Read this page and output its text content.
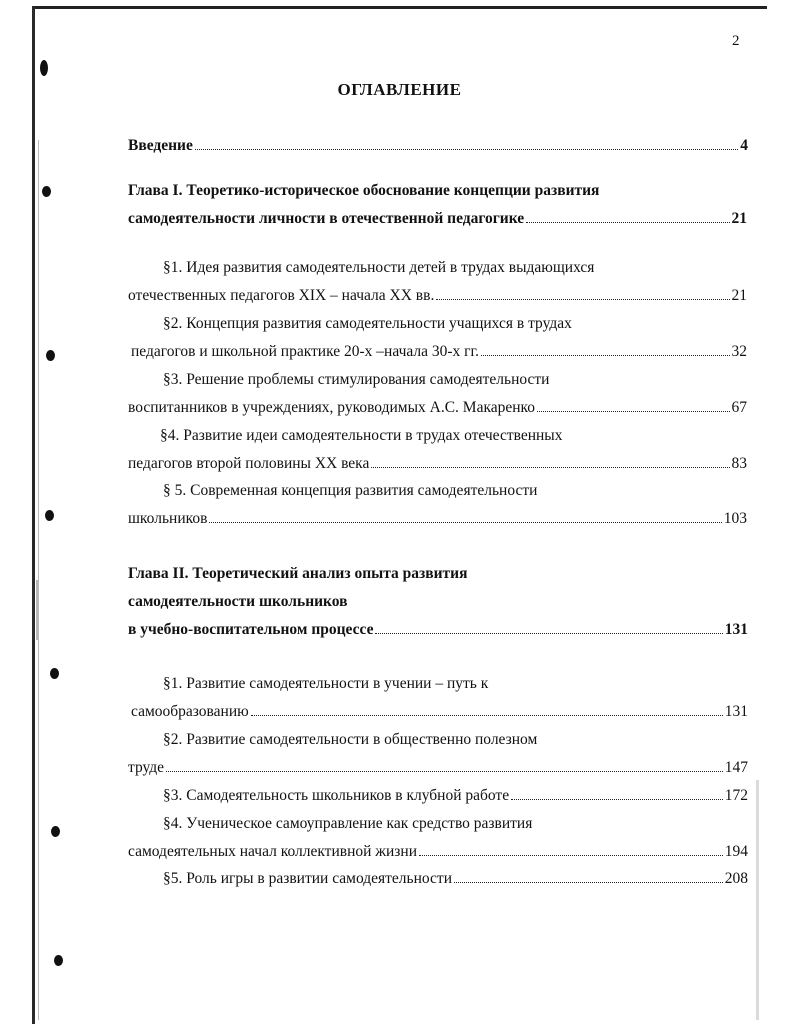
2
ОГЛАВЛЕНИЕ
Введение	4
Глава I. Теоретико-историческое обоснование концепции развития
самодеятельности личности в отечественной педагогике	21
§1. Идея развития самодеятельности детей в трудах выдающихся
отечественных педагогов XIX – начала XX вв.	21
§2. Концепция развития самодеятельности учащихся в трудах
педагогов и школьной практике 20-х –начала 30-х гг.	32
§3. Решение проблемы стимулирования самодеятельности
воспитанников в учреждениях, руководимых А.С. Макаренко	67
§4. Развитие идеи самодеятельности в трудах отечественных
педагогов второй половины XX века	83
§ 5. Современная концепция развития самодеятельности
школьников	103
Глава II. Теоретический анализ опыта развития
самодеятельности школьников
в учебно-воспитательном процессе	131
§1. Развитие самодеятельности в учении – путь к
самообразованию	131
§2. Развитие самодеятельности в общественно полезном
труде	147
§3. Самодеятельность школьников в клубной работе	172
§4. Ученическое самоуправление как средство развития
самодеятельных начал коллективной жизни	194
§5. Роль игры в развитии самодеятельности	208
